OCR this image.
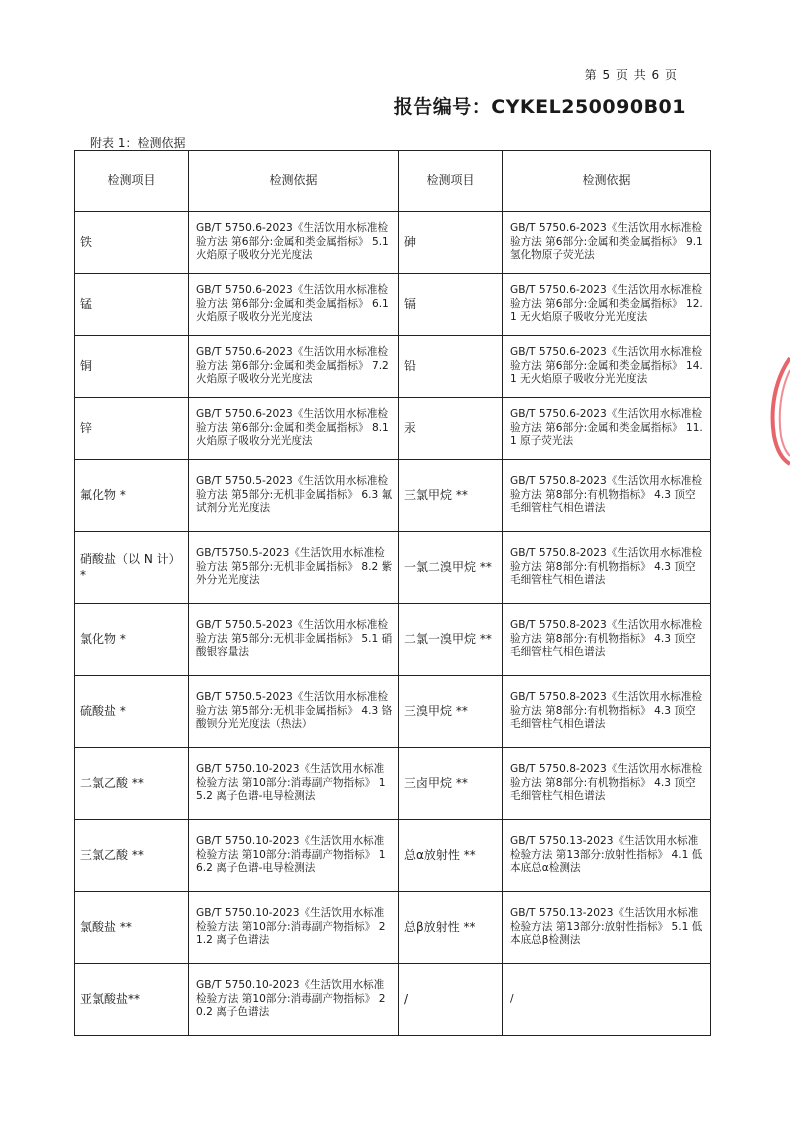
第 5 页 共 6 页
报告编号：CYKEL250090B01
附表 1：检测依据
检测项目	检测依据	检测项目	检测依据
铁	GB/T 5750.6-2023《生活饮用水标准检验方法 第6部分:金属和类金属指标》 5.1 火焰原子吸收分光光度法	砷	GB/T 5750.6-2023《生活饮用水标准检验方法 第6部分:金属和类金属指标》 9.1 氢化物原子荧光法
锰	GB/T 5750.6-2023《生活饮用水标准检验方法 第6部分:金属和类金属指标》 6.1 火焰原子吸收分光光度法	镉	GB/T 5750.6-2023《生活饮用水标准检验方法 第6部分:金属和类金属指标》 12.1 无火焰原子吸收分光光度法
铜	GB/T 5750.6-2023《生活饮用水标准检验方法 第6部分:金属和类金属指标》 7.2 火焰原子吸收分光光度法	铅	GB/T 5750.6-2023《生活饮用水标准检验方法 第6部分:金属和类金属指标》 14.1 无火焰原子吸收分光光度法
锌	GB/T 5750.6-2023《生活饮用水标准检验方法 第6部分:金属和类金属指标》 8.1 火焰原子吸收分光光度法	汞	GB/T 5750.6-2023《生活饮用水标准检验方法 第6部分:金属和类金属指标》 11.1 原子荧光法
氟化物 *	GB/T 5750.5-2023《生活饮用水标准检验方法 第5部分:无机非金属指标》 6.3 氟试剂分光光度法	三氯甲烷 **	GB/T 5750.8-2023《生活饮用水标准检验方法 第8部分:有机物指标》 4.3 顶空毛细管柱气相色谱法
硝酸盐（以 N 计）*	GB/T5750.5-2023《生活饮用水标准检验方法 第5部分:无机非金属指标》 8.2 紫外分光光度法	一氯二溴甲烷 **	GB/T 5750.8-2023《生活饮用水标准检验方法 第8部分:有机物指标》 4.3 顶空毛细管柱气相色谱法
氯化物 *	GB/T 5750.5-2023《生活饮用水标准检验方法 第5部分:无机非金属指标》 5.1 硝酸银容量法	二氯一溴甲烷 **	GB/T 5750.8-2023《生活饮用水标准检验方法 第8部分:有机物指标》 4.3 顶空毛细管柱气相色谱法
硫酸盐 *	GB/T 5750.5-2023《生活饮用水标准检验方法 第5部分:无机非金属指标》 4.3 铬酸钡分光光度法（热法）	三溴甲烷 **	GB/T 5750.8-2023《生活饮用水标准检验方法 第8部分:有机物指标》 4.3 顶空毛细管柱气相色谱法
二氯乙酸 **	GB/T 5750.10-2023《生活饮用水标准检验方法 第10部分:消毒副产物指标》 15.2 离子色谱-电导检测法	三卤甲烷 **	GB/T 5750.8-2023《生活饮用水标准检验方法 第8部分:有机物指标》 4.3 顶空毛细管柱气相色谱法
三氯乙酸 **	GB/T 5750.10-2023《生活饮用水标准检验方法 第10部分:消毒副产物指标》 16.2 离子色谱-电导检测法	总α放射性 **	GB/T 5750.13-2023《生活饮用水标准检验方法 第13部分:放射性指标》 4.1 低本底总α检测法
氯酸盐 **	GB/T 5750.10-2023《生活饮用水标准检验方法 第10部分:消毒副产物指标》 21.2 离子色谱法	总β放射性 **	GB/T 5750.13-2023《生活饮用水标准检验方法 第13部分:放射性指标》 5.1 低本底总β检测法
亚氯酸盐**	GB/T 5750.10-2023《生活饮用水标准检验方法 第10部分:消毒副产物指标》 20.2 离子色谱法	/	/
